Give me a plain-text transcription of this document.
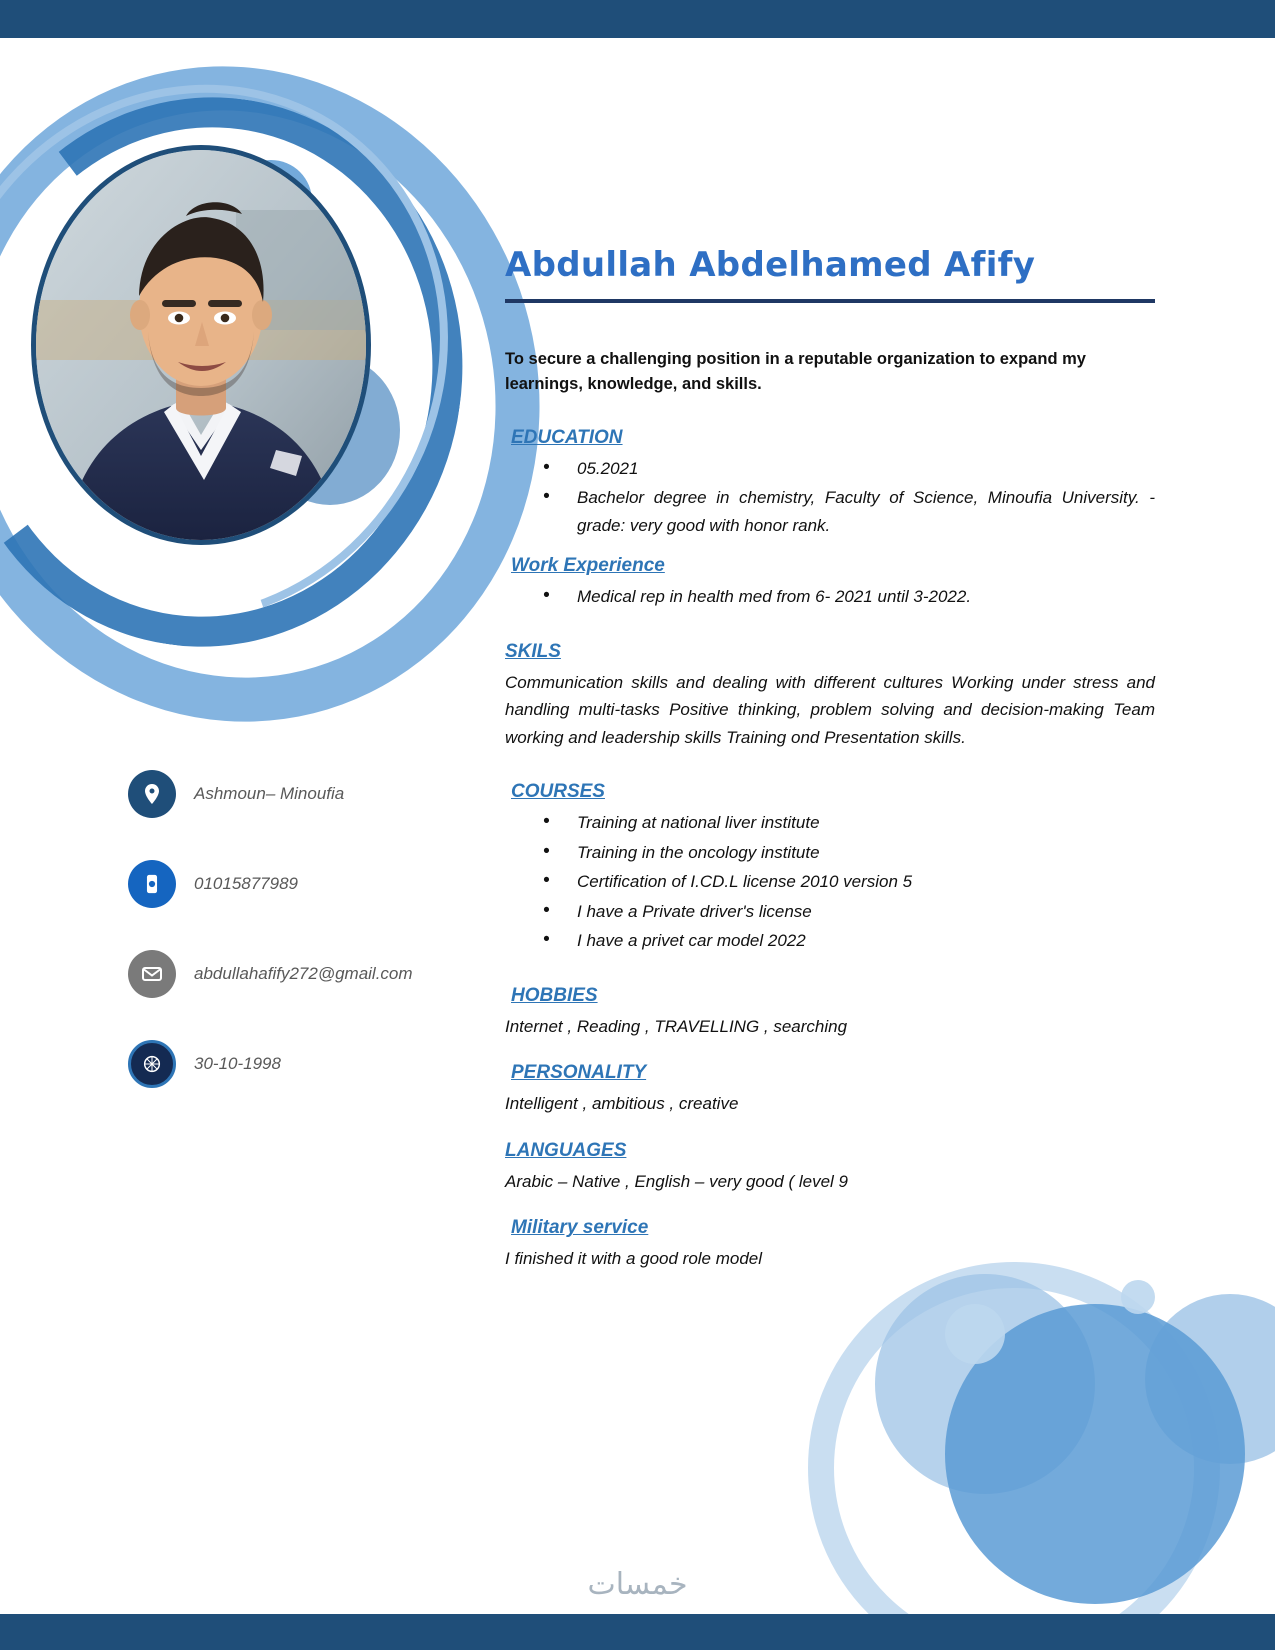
Ashmoun– Minoufia
01015877989
abdullahafify272@gmail.com
30-10-1998
Abdullah Abdelhamed Afify
To secure a challenging position in a reputable organization to expand my learnings, knowledge, and skills.
EDUCATION
• 05.2021
• Bachelor degree in chemistry, Faculty of Science, Minoufia University. -grade: very good with honor rank.
Work Experience
• Medical rep in health med from 6- 2021 until 3-2022.
SKILS

Communication skills and dealing with different cultures Working under stress and handling multi-tasks Positive thinking, problem solving and decision-making Team working and leadership skills Training ond Presentation skills.

COURSES
• Training at national liver institute
• Training in the oncology institute
• Certification of I.CD.L license 2010 version 5
• I have a Private driver's license
• I have a privet car model 2022
HOBBIES

Internet , Reading , TRAVELLING , searching

PERSONALITY

Intelligent , ambitious , creative

LANGUAGES

Arabic – Native , English – very good ( level 9

Military service

I finished it with a good role model

خمسات
